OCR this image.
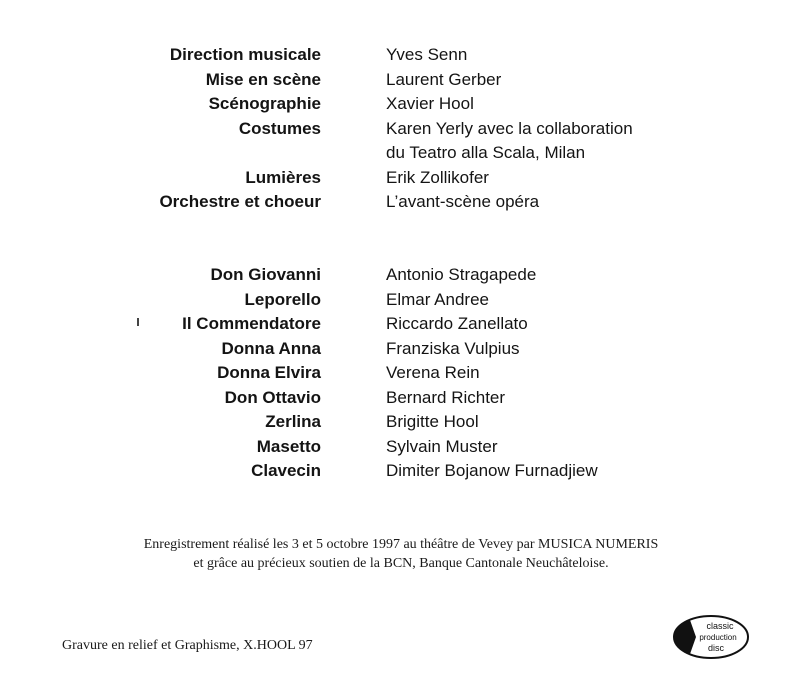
Direction musicale	Yves Senn
Mise en scène	Laurent Gerber
Scénographie	Xavier Hool
Costumes	Karen Yerly avec la collaboration
du Teatro alla Scala, Milan
Lumières	Erik Zollikofer
Orchestre et choeur	L’avant-scène opéra
Don Giovanni	Antonio Stragapede
Leporello	Elmar Andree
Il Commendatore	Riccardo Zanellato
Donna Anna	Franziska Vulpius
Donna Elvira	Verena Rein
Don Ottavio	Bernard Richter
Zerlina	Brigitte Hool
Masetto	Sylvain Muster
Clavecin	Dimiter Bojanow Furnadjiew
Enregistrement réalisé les 3 et 5 octobre 1997 au théâtre de Vevey par MUSICA NUMERIS
et grâce au précieux soutien de la BCN, Banque Cantonale Neuchâteloise.
Gravure en relief et Graphisme, X.HOOL 97
classic
production
disc
